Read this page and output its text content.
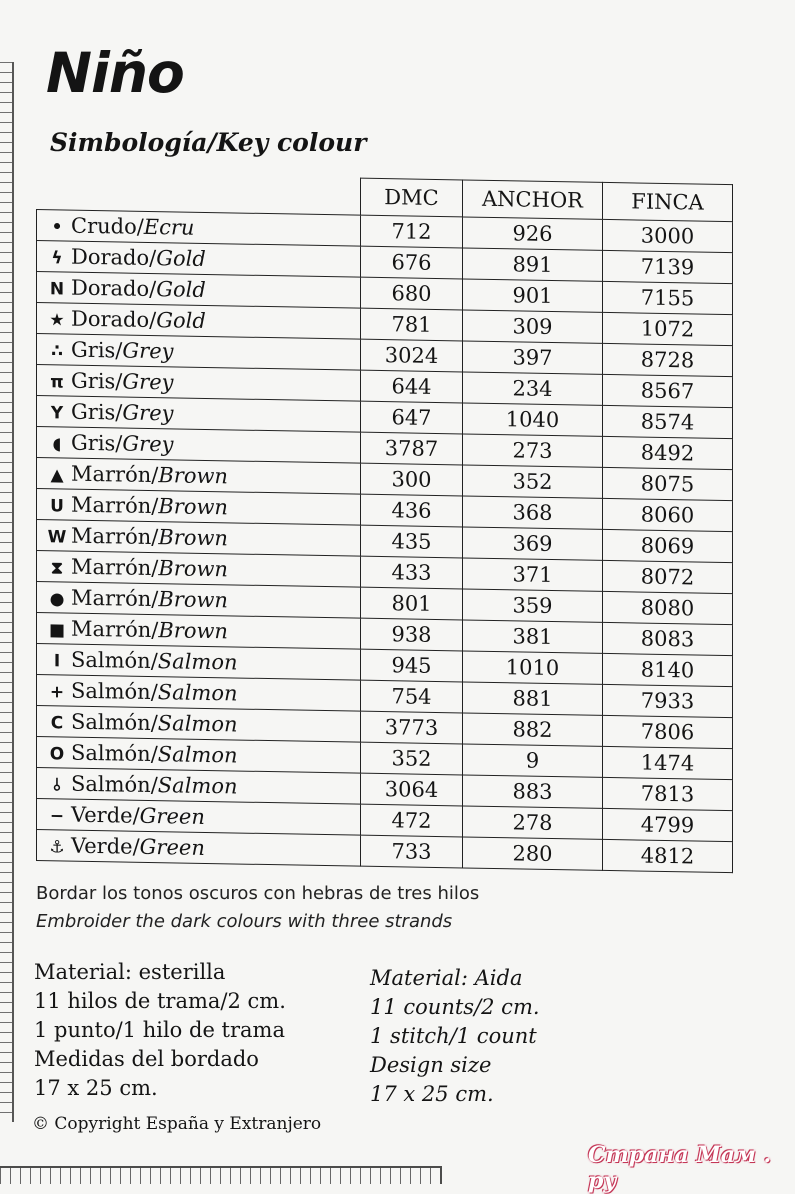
Niño
Simbología/Key colour
	DMC	ANCHOR	FINCA
• Crudo/Ecru	712	926	3000
ϟ Dorado/Gold	676	891	7139
N Dorado/Gold	680	901	7155
★ Dorado/Gold	781	309	1072
∴ Gris/Grey	3024	397	8728
π Gris/Grey	644	234	8567
Y Gris/Grey	647	1040	8574
◖ Gris/Grey	3787	273	8492
▲ Marrón/Brown	300	352	8075
U Marrón/Brown	436	368	8060
W Marrón/Brown	435	369	8069
⧗ Marrón/Brown	433	371	8072
● Marrón/Brown	801	359	8080
■ Marrón/Brown	938	381	8083
I Salmón/Salmon	945	1010	8140
+ Salmón/Salmon	754	881	7933
C Salmón/Salmon	3773	882	7806
O Salmón/Salmon	352	9	1474
⫰ Salmón/Salmon	3064	883	7813
− Verde/Green	472	278	4799
⚓ Verde/Green	733	280	4812
Bordar los tonos oscuros con hebras de tres hilos
Embroider the dark colours with three strands
Material: esterilla
11 hilos de trama/2 cm.
1 punto/1 hilo de trama
Medidas del bordado
17 x 25 cm.
Material: Aida
11 counts/2 cm.
1 stitch/1 count
Design size
17 x 25 cm.
© Copyright España y Extranjero
Страна Мам . ру
